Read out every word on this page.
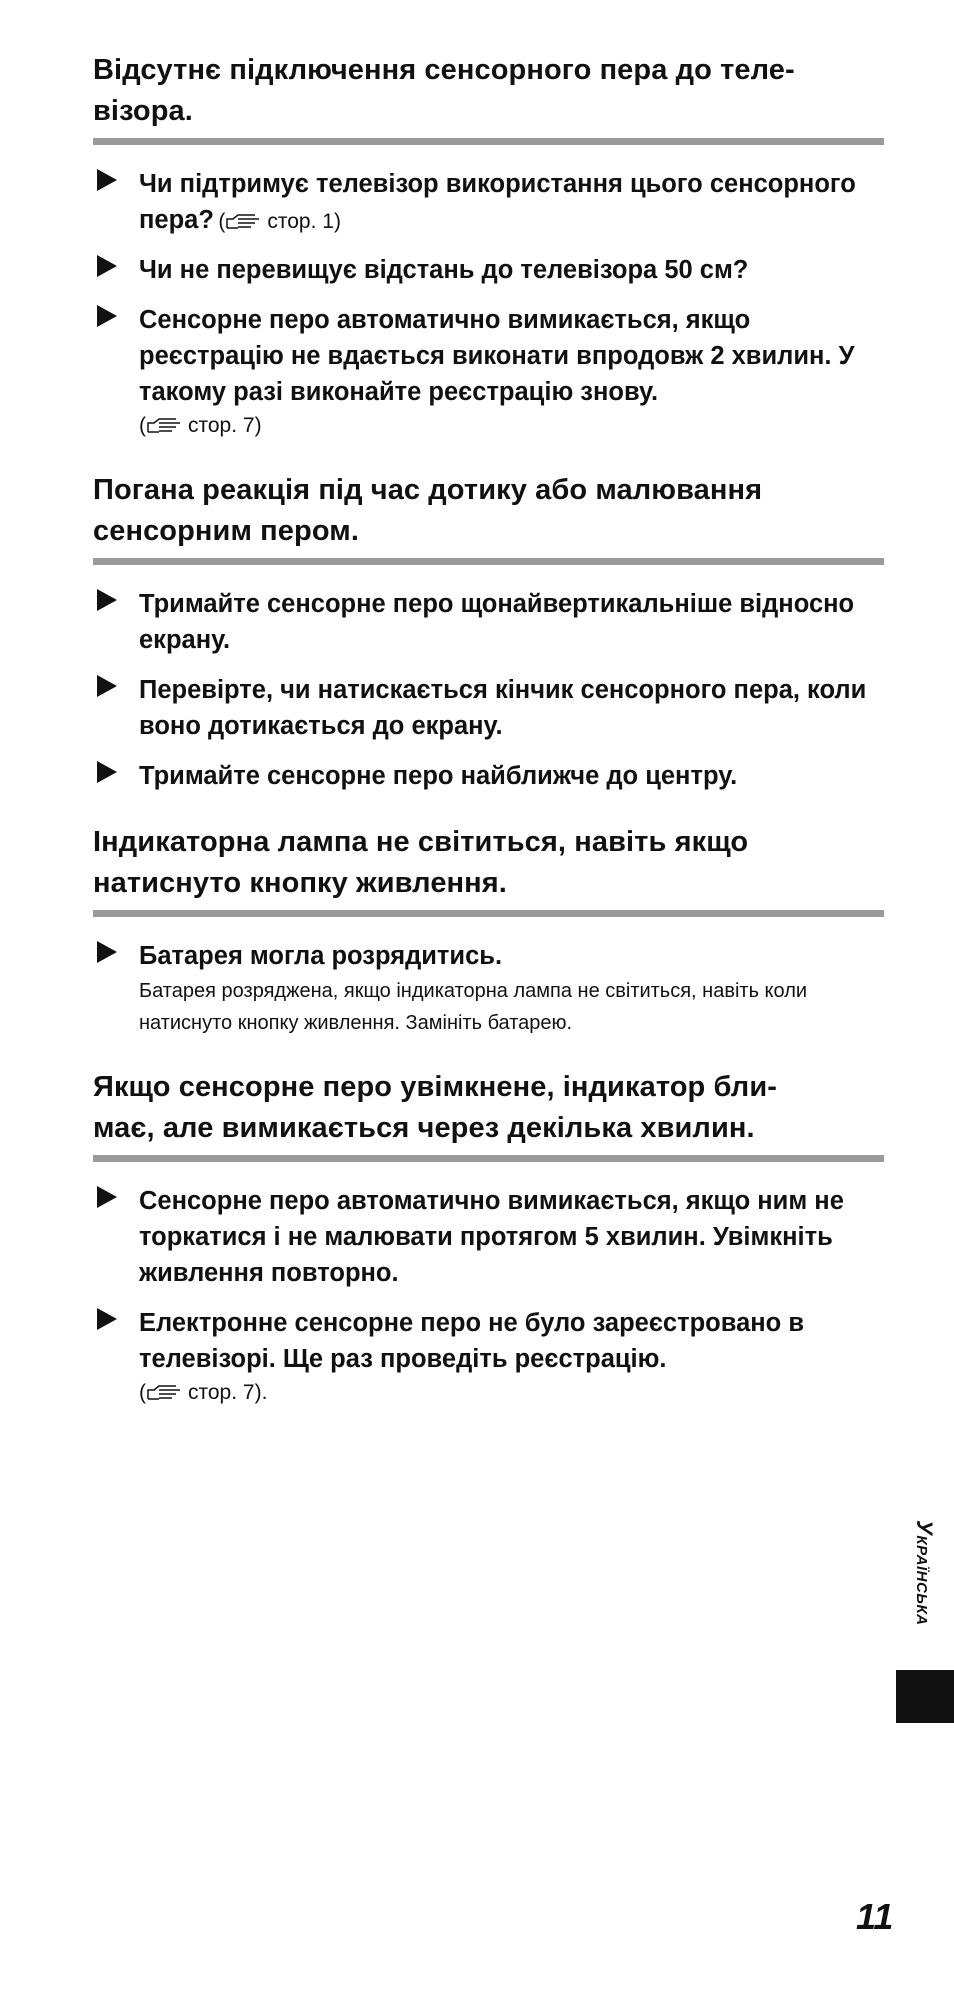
Відсутнє підключення сенсорного пера до теле-
візора.
Чи підтримує телевізор використання цього сенсорного пера? ( стор. 1)
Чи не перевищує відстань до телевізора 50 см?
Сенсорне перо автоматично вимикається, якщо реєстрацію не вдається виконати впродовж 2 хвилин. У такому разі виконайте реєстрацію знову.
( стор. 7)
Погана реакція під час дотику або малювання сенсорним пером.
Тримайте сенсорне перо щонайвертикальніше відносно екрану.
Перевірте, чи натискається кінчик сенсорного пера, коли воно дотикається до екрану.
Тримайте сенсорне перо найближче до центру.
Індикаторна лампа не світиться, навіть якщо натиснуто кнопку живлення.
Батарея могла розрядитись.
Батарея розряджена, якщо індикаторна лампа не світиться, навіть коли натиснуто кнопку живлення. Замініть батарею.
Якщо сенсорне перо увімкнене, індикатор бли-
має, але вимикається через декілька хвилин.
Сенсорне перо автоматично вимикається, якщо ним не торкатися і не малювати протягом 5 хвилин. Увімкніть живлення повторно.
Електронне сенсорне перо не було зареєстровано в телевізорі. Ще раз проведіть реєстрацію.
( стор. 7).
Українська
11
